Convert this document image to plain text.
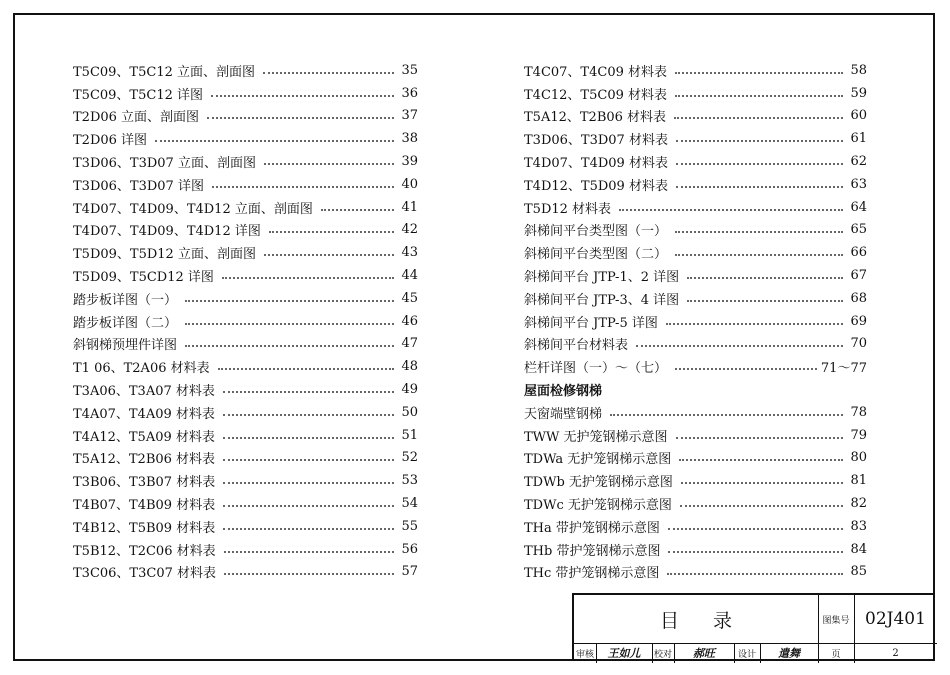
T5C09、T5C12 立面、剖面图	35
T5C09、T5C12 详图	36
T2D06 立面、剖面图	37
T2D06 详图	38
T3D06、T3D07 立面、剖面图	39
T3D06、T3D07 详图	40
T4D07、T4D09、T4D12 立面、剖面图	41
T4D07、T4D09、T4D12 详图	42
T5D09、T5D12 立面、剖面图	43
T5D09、T5CD12 详图	44
踏步板详图（一）	45
踏步板详图（二）	46
斜钢梯预埋件详图	47
T1 06、T2A06 材料表	48
T3A06、T3A07 材料表	49
T4A07、T4A09 材料表	50
T4A12、T5A09 材料表	51
T5A12、T2B06 材料表	52
T3B06、T3B07 材料表	53
T4B07、T4B09 材料表	54
T4B12、T5B09 材料表	55
T5B12、T2C06 材料表	56
T3C06、T3C07 材料表	57
T4C07、T4C09 材料表	58
T4C12、T5C09 材料表	59
T5A12、T2B06 材料表	60
T3D06、T3D07 材料表	61
T4D07、T4D09 材料表	62
T4D12、T5D09 材料表	63
T5D12 材料表	64
斜梯间平台类型图（一）	65
斜梯间平台类型图（二）	66
斜梯间平台 JTP-1、2 详图	67
斜梯间平台 JTP-3、4 详图	68
斜梯间平台 JTP-5 详图	69
斜梯间平台材料表	70
栏杆详图（一）～（七）	71～77
屋面检修钢梯
天窗端壁钢梯	78
TWW 无护笼钢梯示意图	79
TDWa 无护笼钢梯示意图	80
TDWb 无护笼钢梯示意图	81
TDWc 无护笼钢梯示意图	82
THa 带护笼钢梯示意图	83
THb 带护笼钢梯示意图	84
THc 带护笼钢梯示意图	85
目录	图集号 02J401
审核 王如儿 校对 郝旺	设计 遣舞	页	2
